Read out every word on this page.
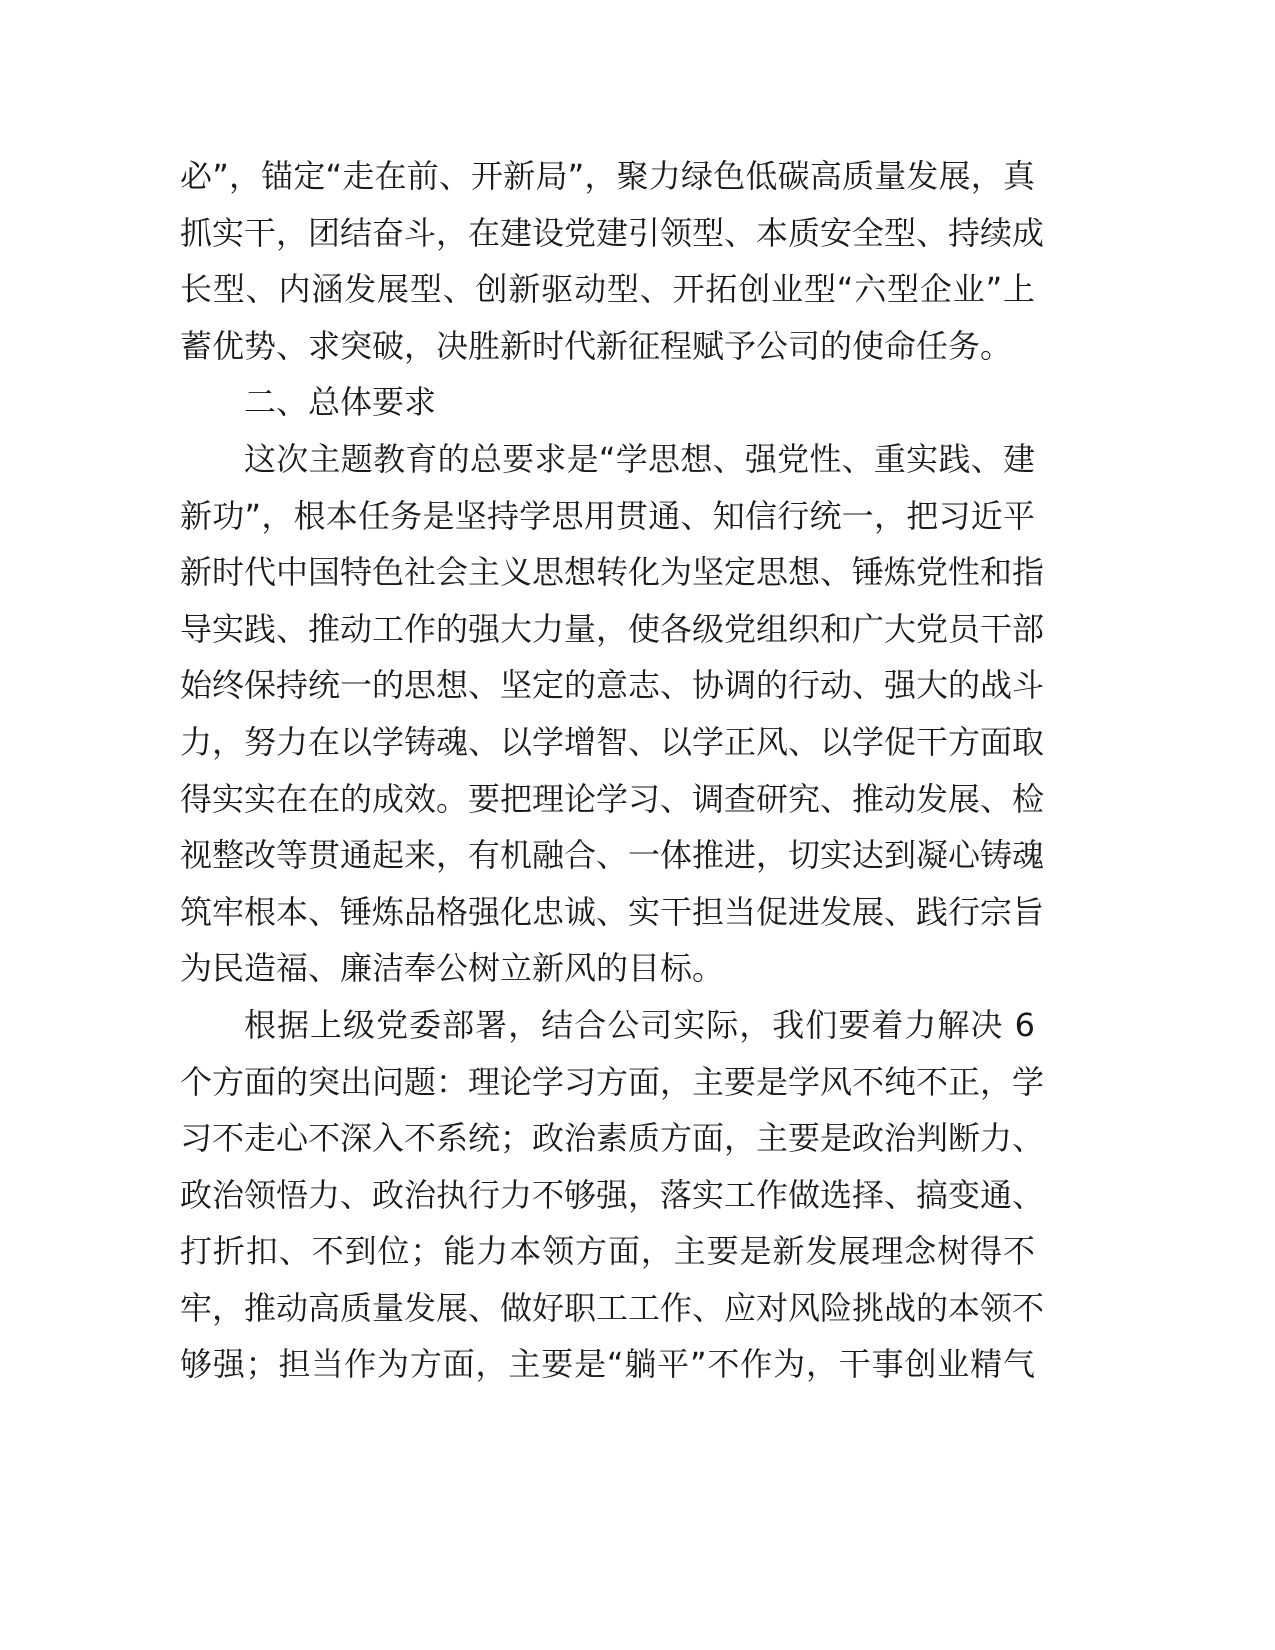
必”，锚定“走在前、开新局”，聚力绿色低碳高质量发展，真
抓实干，团结奋斗，在建设党建引领型、本质安全型、持续成
长型、内涵发展型、创新驱动型、开拓创业型“六型企业”上
蓄优势、求突破，决胜新时代新征程赋予公司的使命任务。
二、总体要求
这次主题教育的总要求是“学思想、强党性、重实践、建
新功”，根本任务是坚持学思用贯通、知信行统一，把习近平
新时代中国特色社会主义思想转化为坚定思想、锤炼党性和指
导实践、推动工作的强大力量，使各级党组织和广大党员干部
始终保持统一的思想、坚定的意志、协调的行动、强大的战斗
力，努力在以学铸魂、以学增智、以学正风、以学促干方面取
得实实在在的成效。要把理论学习、调查研究、推动发展、检
视整改等贯通起来，有机融合、一体推进，切实达到凝心铸魂
筑牢根本、锤炼品格强化忠诚、实干担当促进发展、践行宗旨
为民造福、廉洁奉公树立新风的目标。
根据上级党委部署，结合公司实际，我们要着力解决 6
个方面的突出问题：理论学习方面，主要是学风不纯不正，学
习不走心不深入不系统；政治素质方面，主要是政治判断力、
政治领悟力、政治执行力不够强，落实工作做选择、搞变通、
打折扣、不到位；能力本领方面，主要是新发展理念树得不
牢，推动高质量发展、做好职工工作、应对风险挑战的本领不
够强；担当作为方面，主要是“躺平”不作为，干事创业精气
